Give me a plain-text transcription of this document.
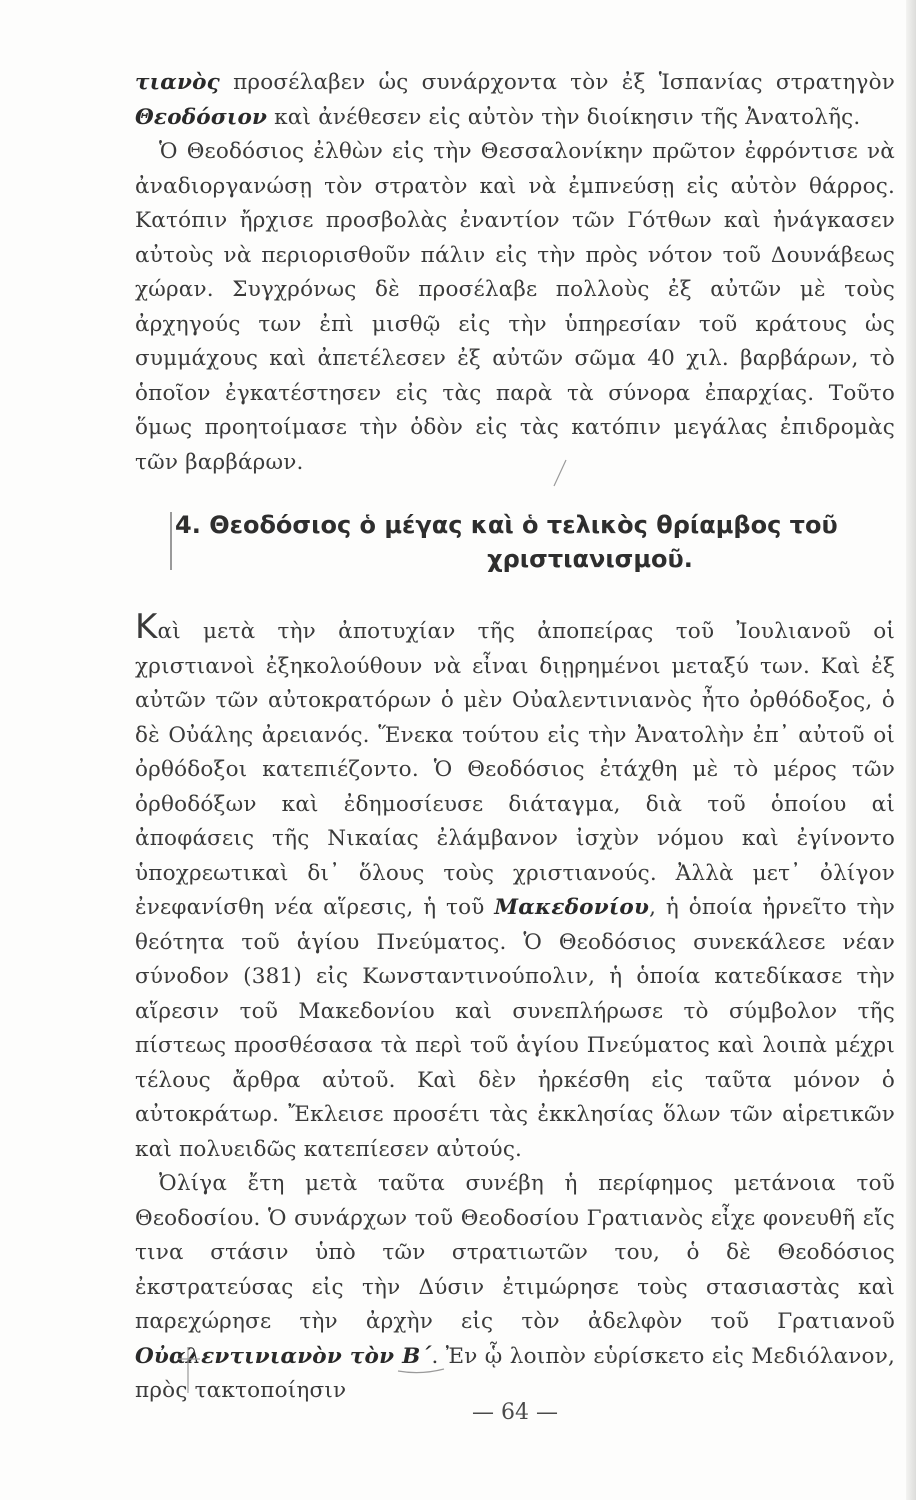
τιανὸς προσέλαβεν ὡς συνάρχοντα τὸν ἐξ Ἱσπανίας στρατηγὸν Θεοδόσιον καὶ ἀνέθεσεν εἰς αὐτὸν τὴν διοίκησιν τῆς Ἀνατολῆς.

Ὁ Θεοδόσιος ἐλθὼν εἰς τὴν Θεσσαλονίκην πρῶτον ἐφρόντισε νὰ ἀναδιοργανώσῃ τὸν στρατὸν καὶ νὰ ἐμπνεύσῃ εἰς αὐτὸν θάρρος. Κατόπιν ἤρχισε προσβολὰς ἐναντίον τῶν Γότθων καὶ ἠνάγκασεν αὐτοὺς νὰ περιορισθοῦν πάλιν εἰς τὴν πρὸς νότον τοῦ Δουνάβεως χώραν. Συγχρόνως δὲ προσέλαβε πολλοὺς ἐξ αὐτῶν μὲ τοὺς ἀρχηγούς των ἐπὶ μισθῷ εἰς τὴν ὑπηρεσίαν τοῦ κράτους ὡς συμμάχους καὶ ἀπετέλεσεν ἐξ αὐτῶν σῶμα 40 χιλ. βαρβάρων, τὸ ὁποῖον ἐγκατέστησεν εἰς τὰς παρὰ τὰ σύνορα ἐπαρχίας. Τοῦτο ὅμως προητοίμασε τὴν ὁδὸν εἰς τὰς κατόπιν μεγάλας ἐπιδρομὰς τῶν βαρβάρων.

4. Θεοδόσιος ὁ μέγας καὶ ὁ τελικὸς θρίαμβος τοῦ
χριστιανισμοῦ.

Καὶ μετὰ τὴν ἀποτυχίαν τῆς ἀποπείρας τοῦ Ἰουλιανοῦ οἱ χριστιανοὶ ἐξηκολούθουν νὰ εἶναι διῃρημένοι μεταξύ των. Καὶ ἐξ αὐτῶν τῶν αὐτοκρατόρων ὁ μὲν Οὐαλεντινιανὸς ἦτο ὀρθόδοξος, ὁ δὲ Οὐάλης ἀρειανός. Ἕνεκα τούτου εἰς τὴν Ἀνατολὴν ἐπ᾿ αὐτοῦ οἱ ὀρθόδοξοι κατεπιέζοντο. Ὁ Θεοδόσιος ἐτάχθη μὲ τὸ μέρος τῶν ὀρθοδόξων καὶ ἐδημοσίευσε διάταγμα, διὰ τοῦ ὁποίου αἱ ἀποφάσεις τῆς Νικαίας ἐλάμβανον ἰσχὺν νόμου καὶ ἐγίνοντο ὑποχρεωτικαὶ δι᾿ ὅλους τοὺς χριστιανούς. Ἀλλὰ μετ᾿ ὀλίγον ἐνεφανίσθη νέα αἵρεσις, ἡ τοῦ Μακεδονίου, ἡ ὁποία ἠρνεῖτο τὴν θεότητα τοῦ ἁγίου Πνεύματος. Ὁ Θεοδόσιος συνεκάλεσε νέαν σύνοδον (381) εἰς Κωνσταντινούπολιν, ἡ ὁποία κατεδίκασε τὴν αἵρεσιν τοῦ Μακεδονίου καὶ συνεπλήρωσε τὸ σύμβολον τῆς πίστεως προσθέσασα τὰ περὶ τοῦ ἁγίου Πνεύματος καὶ λοιπὰ μέχρι τέλους ἄρθρα αὐτοῦ. Καὶ δὲν ἠρκέσθη εἰς ταῦτα μόνον ὁ αὐτοκράτωρ. Ἔκλεισε προσέτι τὰς ἐκκλησίας ὅλων τῶν αἱρετικῶν καὶ πολυειδῶς κατεπίεσεν αὐτούς.

Ὀλίγα ἔτη μετὰ ταῦτα συνέβη ἡ περίφημος μετάνοια τοῦ Θεοδοσίου. Ὁ συνάρχων τοῦ Θεοδοσίου Γρατιανὸς εἶχε φονευθῆ εἴς τινα στάσιν ὑπὸ τῶν στρατιωτῶν του, ὁ δὲ Θεοδόσιος ἐκστρατεύσας εἰς τὴν Δύσιν ἐτιμώρησε τοὺς στασιαστὰς καὶ παρεχώρησε τὴν ἀρχὴν εἰς τὸν ἀδελφὸν τοῦ Γρατιανοῦ Οὐαλεντινιανὸν τὸν Β΄. Ἐν ᾧ λοιπὸν εὑρίσκετο εἰς Μεδιόλανον, πρὸς τακτοποίησιν

— 64 —
